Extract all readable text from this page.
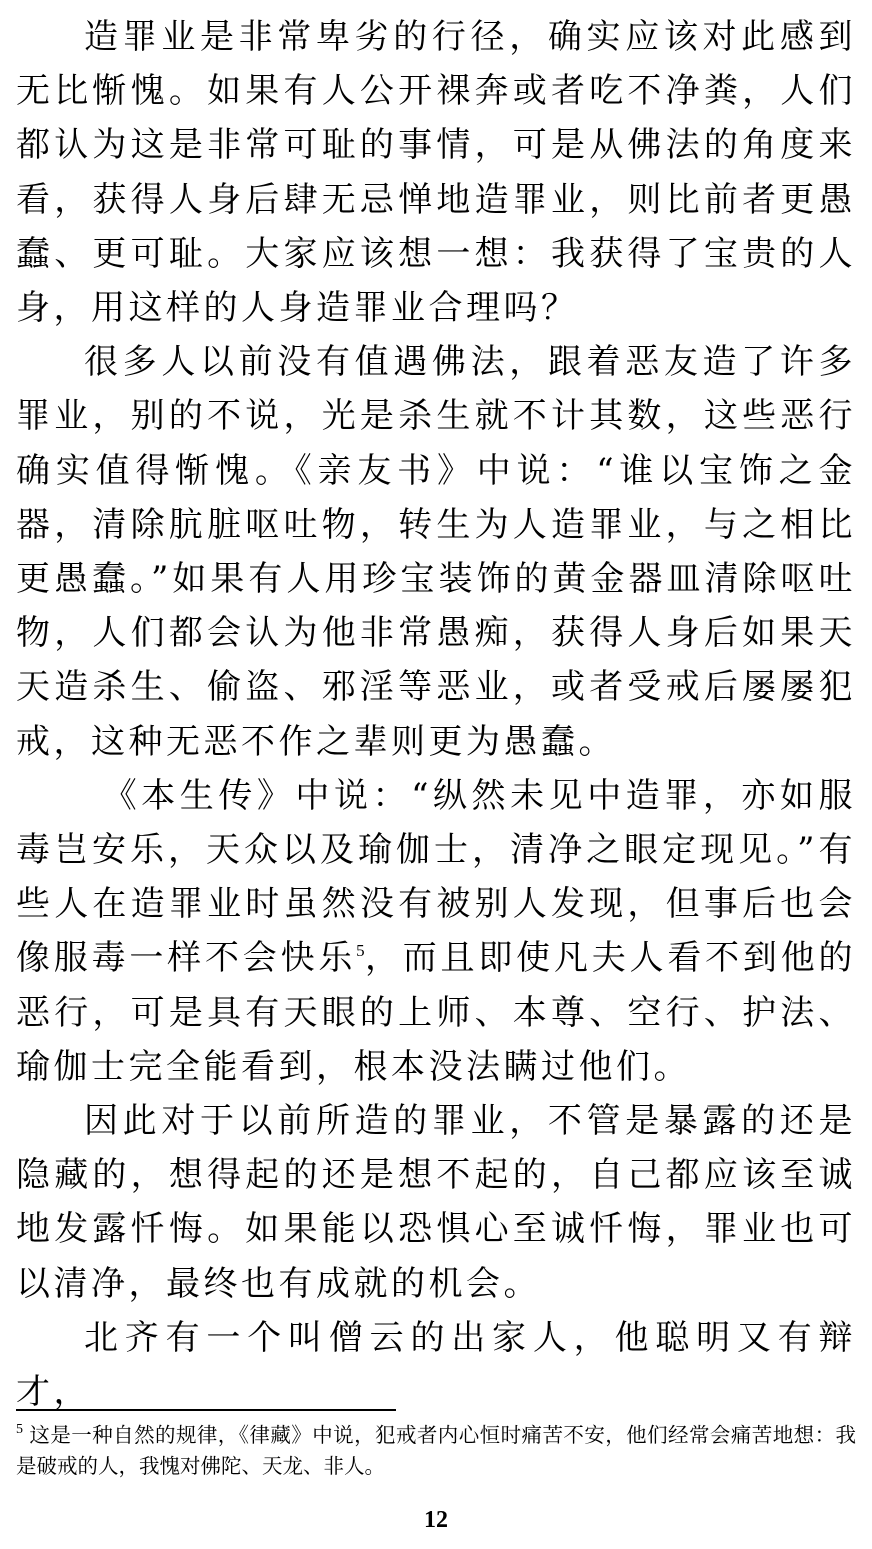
造罪业是非常卑劣的行径，确实应该对此感到无比惭愧。如果有人公开裸奔或者吃不净粪，人们都认为这是非常可耻的事情，可是从佛法的角度来看，获得人身后肆无忌惮地造罪业，则比前者更愚蠢、更可耻。大家应该想一想：我获得了宝贵的人身，用这样的人身造罪业合理吗？

很多人以前没有值遇佛法，跟着恶友造了许多罪业，别的不说，光是杀生就不计其数，这些恶行确实值得惭愧。《亲友书》中说：“谁以宝饰之金器，清除肮脏呕吐物，转生为人造罪业，与之相比更愚蠢。”如果有人用珍宝装饰的黄金器皿清除呕吐物，人们都会认为他非常愚痴，获得人身后如果天天造杀生、偷盗、邪淫等恶业，或者受戒后屡屡犯戒，这种无恶不作之辈则更为愚蠢。

《本生传》中说：“纵然未见中造罪，亦如服毒岂安乐，天众以及瑜伽士，清净之眼定现见。”有些人在造罪业时虽然没有被别人发现，但事后也会像服毒一样不会快乐$^5$，而且即使凡夫人看不到他的恶行，可是具有天眼的上师、本尊、空行、护法、瑜伽士完全能看到，根本没法瞒过他们。

因此对于以前所造的罪业，不管是暴露的还是隐藏的，想得起的还是想不起的，自己都应该至诚地发露忏悔。如果能以恐惧心至诚忏悔，罪业也可以清净，最终也有成就的机会。

北齐有一个叫僧云的出家人，他聪明又有辩才，

$^5$ 这是一种自然的规律，《律藏》中说，犯戒者内心恒时痛苦不安，他们经常会痛苦地想：我是破戒的人，我愧对佛陀、天龙、非人。
12
